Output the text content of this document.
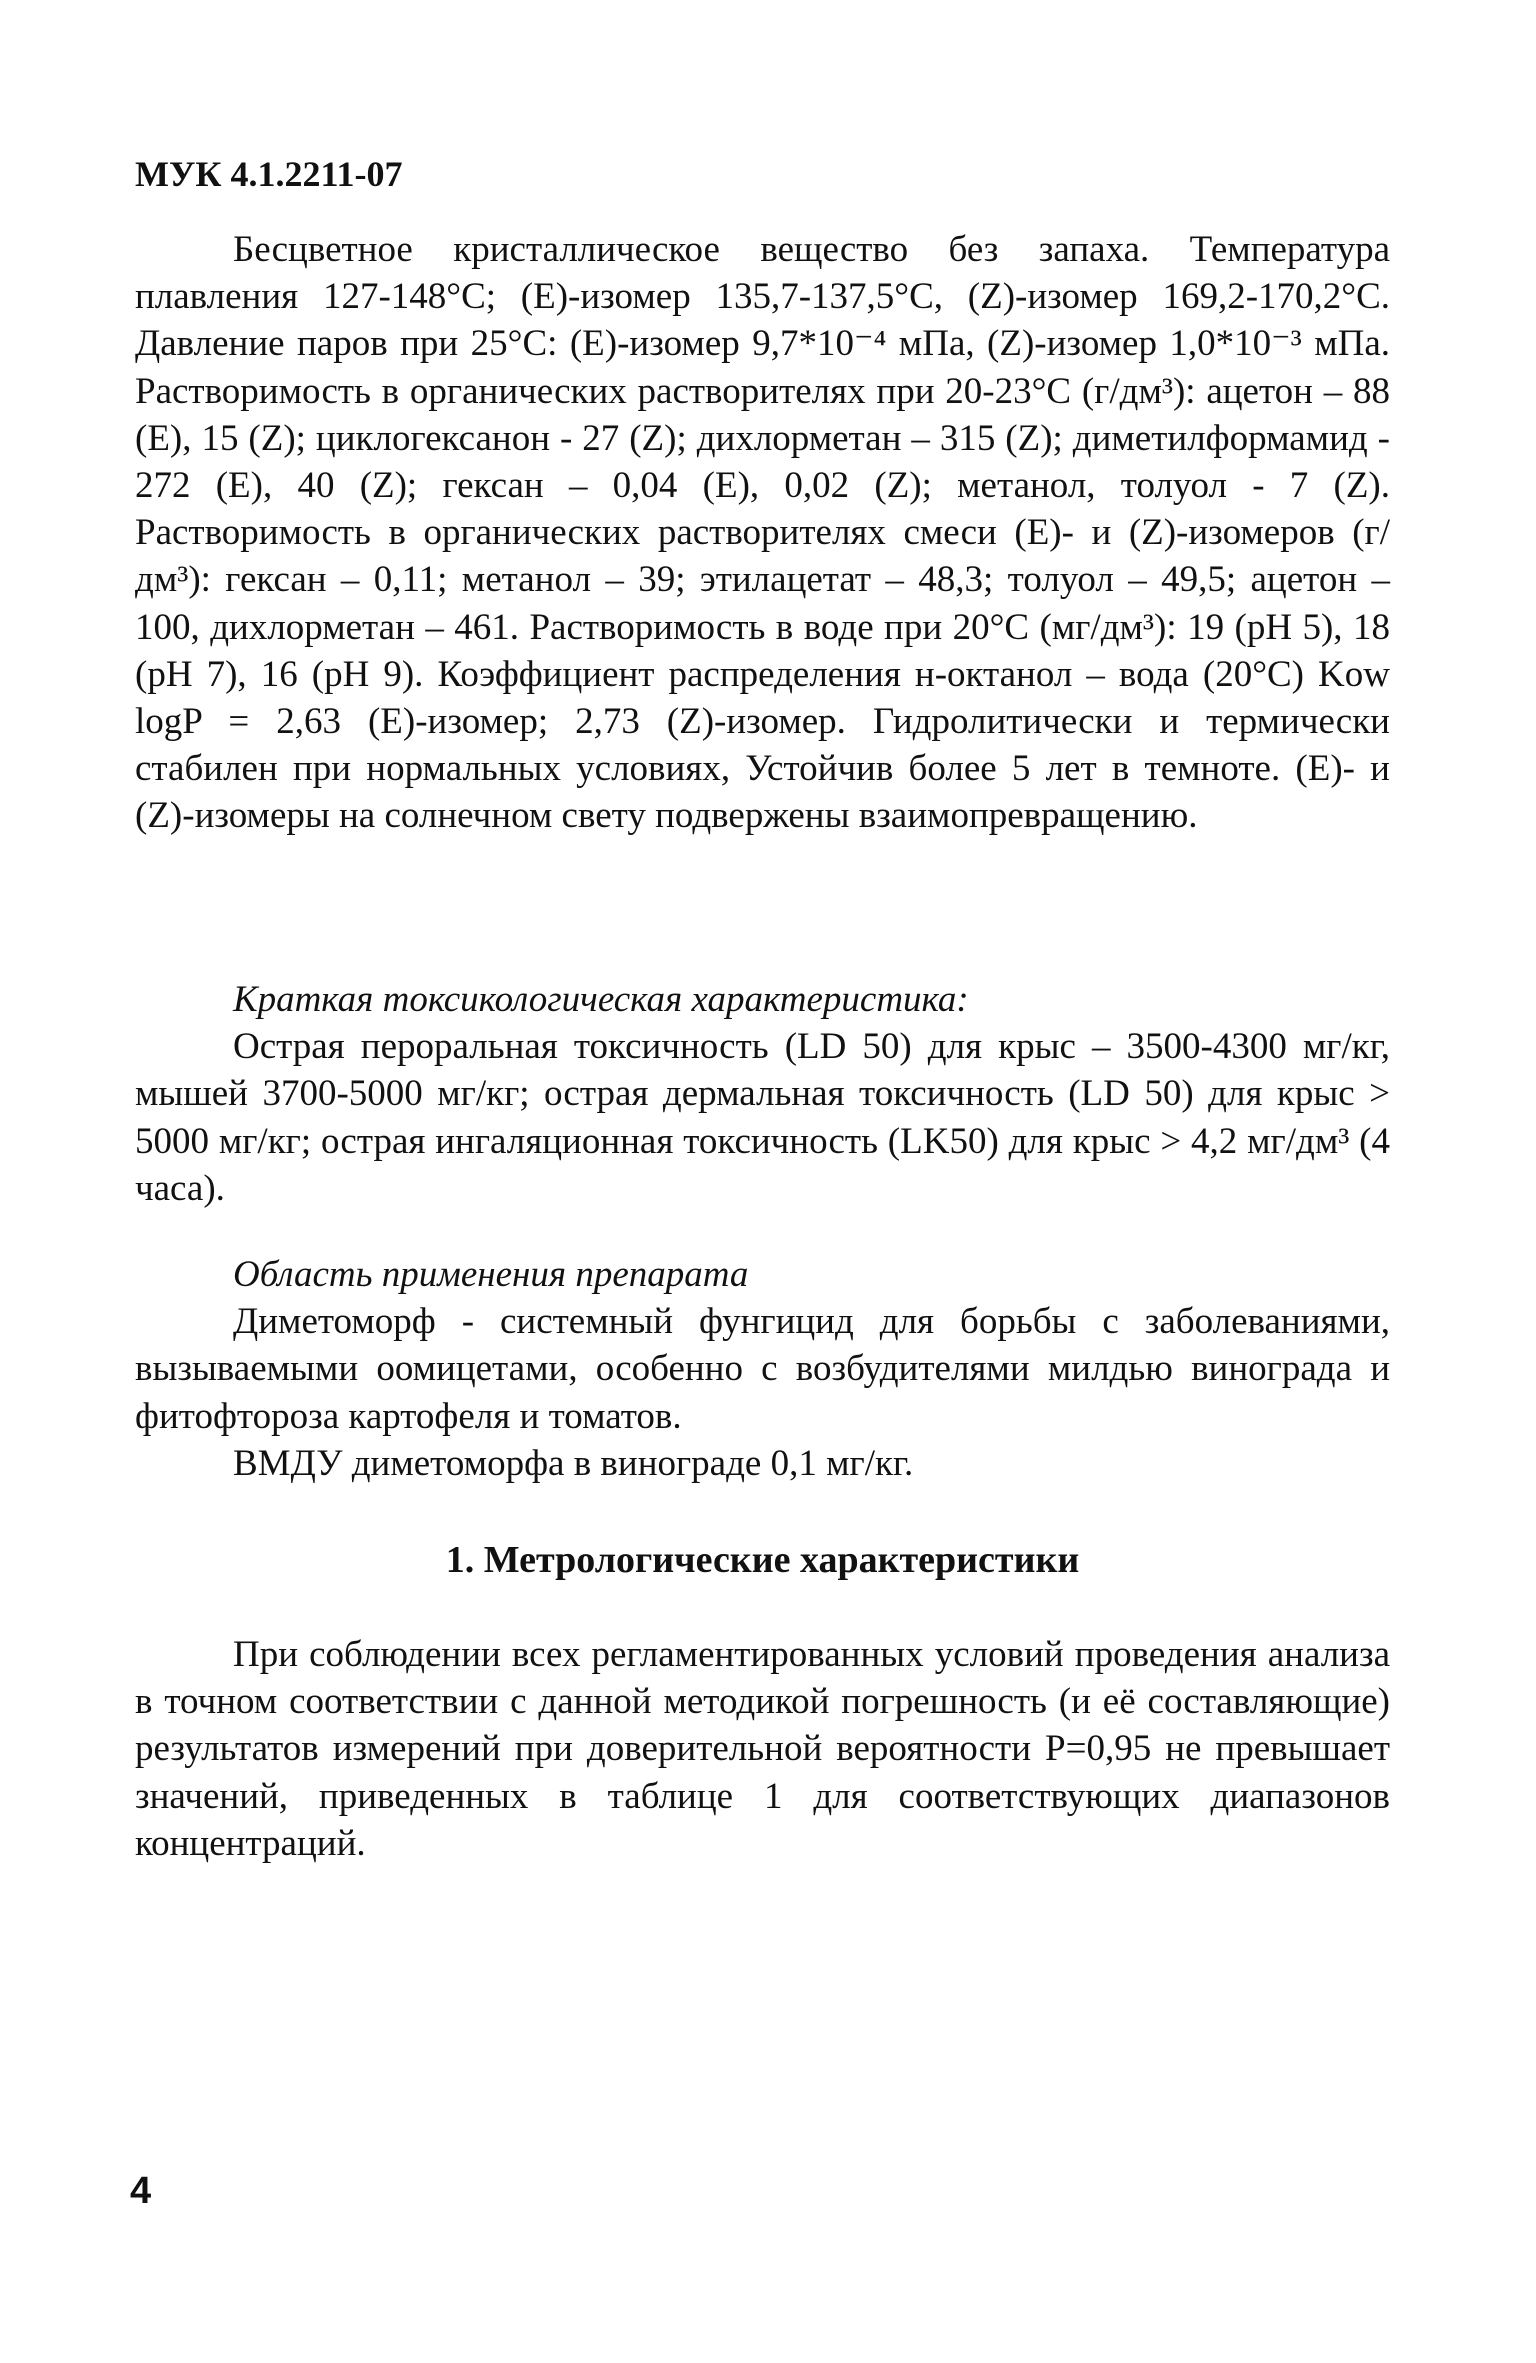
МУК 4.1.2211-07

Бесцветное кристаллическое вещество без запаха. Температура плавления 127-148°С; (Е)-изомер 135,7-137,5°С, (Z)-изомер 169,2-170,2°С. Давление паров при 25°С: (Е)-изомер 9,7*10⁻⁴ мПа, (Z)-изомер 1,0*10⁻³ мПа. Растворимость в органических растворителях при 20-23°С (г/дм³): ацетон – 88 (Е), 15 (Z); циклогексанон - 27 (Z); дихлорметан – 315 (Z); диметилформамид - 272 (Е), 40 (Z); гексан – 0,04 (Е), 0,02 (Z); метанол, толуол - 7 (Z). Растворимость в органических растворителях смеси (Е)- и (Z)-изомеров (г/дм³): гексан – 0,11; метанол – 39; этилацетат – 48,3; толуол – 49,5; ацетон – 100, дихлорметан – 461. Растворимость в воде при 20°С (мг/дм³): 19 (рН 5), 18 (рН 7), 16 (рН 9). Коэффициент распределения н-октанол – вода (20°С) Kow logP = 2,63 (Е)-изомер; 2,73 (Z)-изомер. Гидролитически и термически стабилен при нормальных условиях, Устойчив более 5 лет в темноте. (Е)- и (Z)-изомеры на солнечном свету подвержены взаимопревращению.

Краткая токсикологическая характеристика:

Острая пероральная токсичность (LD 50) для крыс – 3500-4300 мг/кг, мышей 3700-5000 мг/кг; острая дермальная токсичность (LD 50) для крыс > 5000 мг/кг; острая ингаляционная токсичность (LK50) для крыс > 4,2 мг/дм³ (4 часа).

Область применения препарата

Диметоморф - системный фунгицид для борьбы с заболеваниями, вызываемыми оомицетами, особенно с возбудителями милдью винограда и фитофтороза картофеля и томатов.

ВМДУ диметоморфа в винограде 0,1 мг/кг.

1. Метрологические характеристики

При соблюдении всех регламентированных условий проведения анализа в точном соответствии с данной методикой погрешность (и её составляющие) результатов измерений при доверительной вероятности Р=0,95 не превышает значений, приведенных в таблице 1 для соответствующих диапазонов концентраций.

4
